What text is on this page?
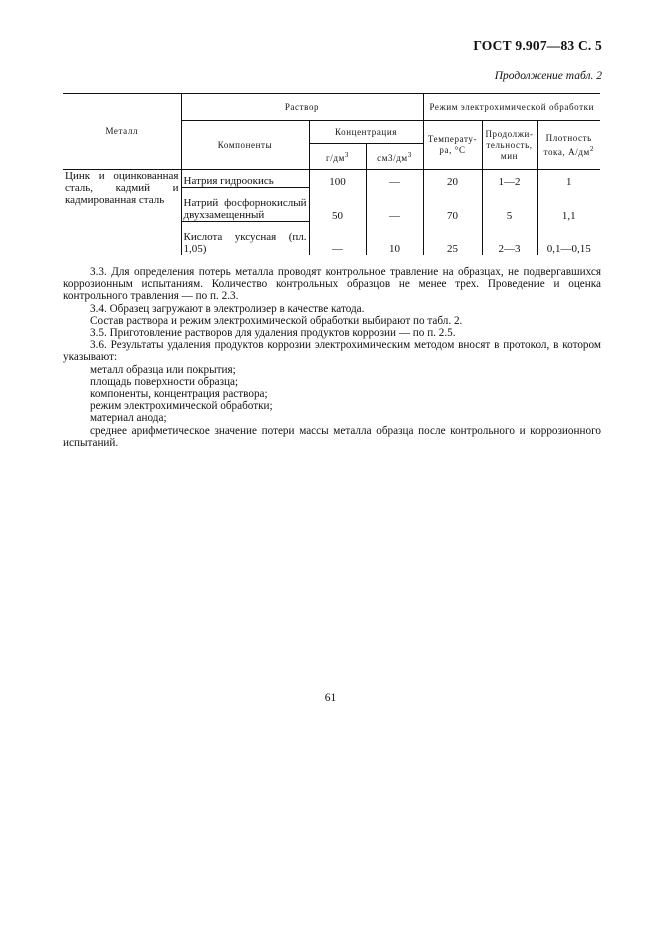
ГОСТ 9.907—83 С. 5
Продолжение табл. 2
Металл	Раствор			Режим электрохимической обработки		
	Компоненты	Концентрация		Температу-ра, °С	Продолжи-тельность, мин	Плотность тока, $А/дм^2$
		$г/дм^3$	$см3/дм^3$
Цинк и оцинкованная сталь, кадмий и кадмированная сталь	Натрия гидроокись	100	—	20	1—2	1
	Натрий фосфорнокислый двухзамещенный	50	—	70	5	1,1
	Кислота уксусная (пл. 1,05)	—	10	25	2—3	0,1—0,15

3.3. Для определения потерь металла проводят контрольное травление на образцах, не подвергавшихся коррозионным испытаниям. Количество контрольных образцов не менее трех. Проведение и оценка контрольного травления — по п. 2.3.

3.4. Образец загружают в электролизер в качестве катода.

Состав раствора и режим электрохимической обработки выбирают по табл. 2.

3.5. Приготовление растворов для удаления продуктов коррозии — по п. 2.5.

3.6. Результаты удаления продуктов коррозии электрохимическим методом вносят в протокол, в котором указывают:

металл образца или покрытия;

площадь поверхности образца;

компоненты, концентрация раствора;

режим электрохимической обработки;

материал анода;

среднее арифметическое значение потери массы металла образца после контрольного и коррозионного испытаний.

61
